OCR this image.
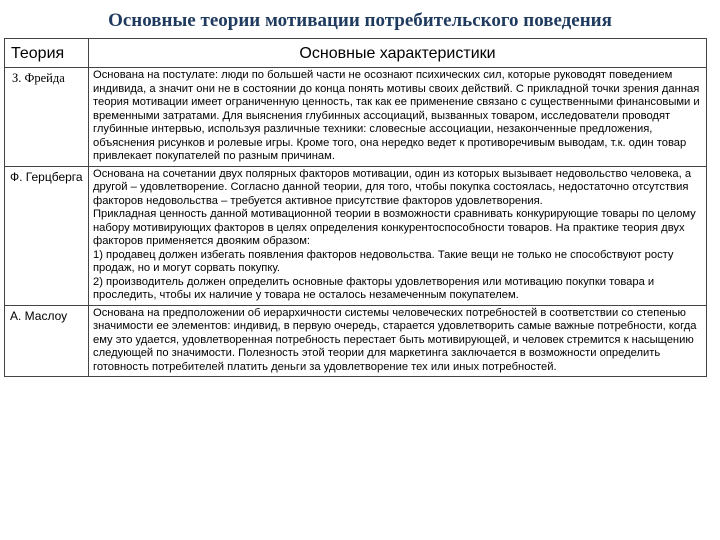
Основные теории мотивации потребительского поведения
Теория	Основные характеристики
З. Фрейда	Основана на постулате: люди по большей части не осознают психических сил, которые руководят поведением индивида, а значит они не в состоянии до конца понять мотивы своих действий. С прикладной точки зрения данная теория мотивации имеет ограниченную ценность, так как ее применение связано с существенными финансовыми и временными затратами. Для выяснения глубинных ассоциаций, вызванных товаром, исследователи проводят глубинные интервью, используя различные техники: словесные ассоциации, незаконченные предложения, объяснения рисунков и ролевые игры. Кроме того, она нередко ведет к противоречивым выводам, т.к. один товар привлекает покупателей по разным причинам.

Ф. Герцберга	Основана на сочетании двух полярных факторов мотивации, один из которых вызывает недовольство человека, а другой – удовлетворение. Согласно данной теории, для того, чтобы покупка состоялась, недостаточно отсутствия факторов недовольства – требуется активное присутствие факторов удовлетворения.

Прикладная ценность данной мотивационной теории в возможности сравнивать конкурирующие товары по целому набору мотивирующих факторов в целях определения конкурентоспособности товаров. На практике теория двух факторов применяется двояким образом:

1) продавец должен избегать появления факторов недовольства. Такие вещи не только не способствуют росту продаж, но и могут сорвать покупку.

2) производитель должен определить основные факторы удовлетворения или мотивацию покупки товара и проследить, чтобы их наличие у товара не осталось незамеченным покупателем.

А. Маслоу	Основана на предположении об иерархичности системы человеческих потребностей в соответствии со степенью значимости ее элементов: индивид, в первую очередь, старается удовлетворить самые важные потребности, когда ему это удается, удовлетворенная потребность перестает быть мотивирующей, и человек стремится к насыщению следующей по значимости. Полезность этой теории для маркетинга заключается в возможности определить готовность потребителей платить деньги за удовлетворение тех или иных потребностей.
